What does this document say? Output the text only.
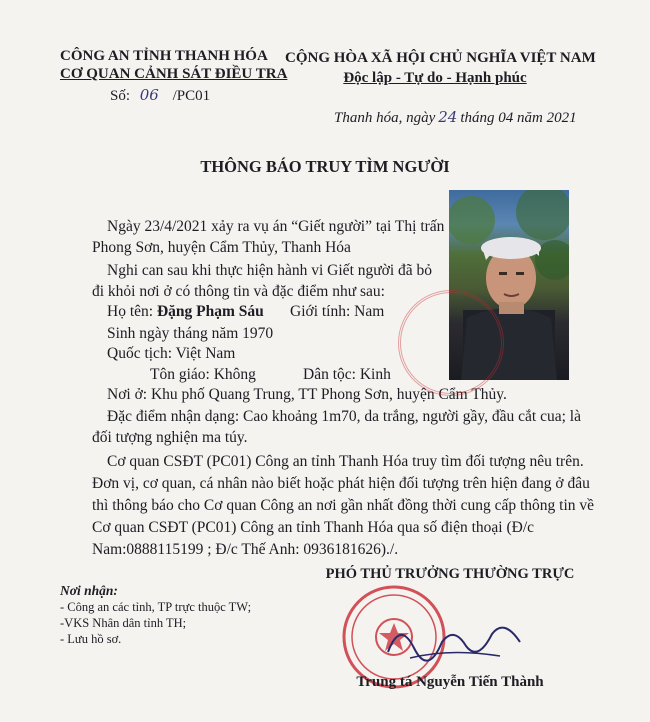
CÔNG AN TỈNH THANH HÓA
CƠ QUAN CẢNH SÁT ĐIỀU TRA
Số: 06 /PC01
CỘNG HÒA XÃ HỘI CHỦ NGHĨA VIỆT NAM
Độc lập - Tự do - Hạnh phúc
Thanh hóa, ngày 24 tháng 04 năm 2021
THÔNG BÁO TRUY TÌM NGƯỜI
Ngày 23/4/2021 xảy ra vụ án “Giết người” tại Thị trấn
Phong Sơn, huyện Cẩm Thủy, Thanh Hóa
Nghi can sau khi thực hiện hành vi Giết người đã bỏ
đi khỏi nơi ở có thông tin và đặc điểm như sau:
Họ tên: Đặng Phạm Sáu Giới tính: Nam
Sinh ngày tháng năm 1970
Quốc tịch: Việt Nam
Tôn giáo: Không	Dân tộc: Kinh
Nơi ở: Khu phố Quang Trung, TT Phong Sơn, huyện Cẩm Thủy.
Đặc điểm nhận dạng: Cao khoảng 1m70, da trắng, người gầy, đầu cắt cua; là
đối tượng nghiện ma túy.
Cơ quan CSĐT (PC01) Công an tỉnh Thanh Hóa truy tìm đối tượng nêu trên.
Đơn vị, cơ quan, cá nhân nào biết hoặc phát hiện đối tượng trên hiện đang ở đâu
thì thông báo cho Cơ quan Công an nơi gần nhất đồng thời cung cấp thông tin về
Cơ quan CSĐT (PC01) Công an tỉnh Thanh Hóa qua số điện thoại (Đ/c
Nam:0888115199 ; Đ/c Thế Anh: 0936181626)./.
Nơi nhận:
- Công an các tỉnh, TP trực thuộc TW;
-VKS Nhân dân tỉnh TH;
- Lưu hồ sơ.
PHÓ THỦ TRƯỞNG THƯỜNG TRỰC
Trung tá Nguyễn Tiến Thành
